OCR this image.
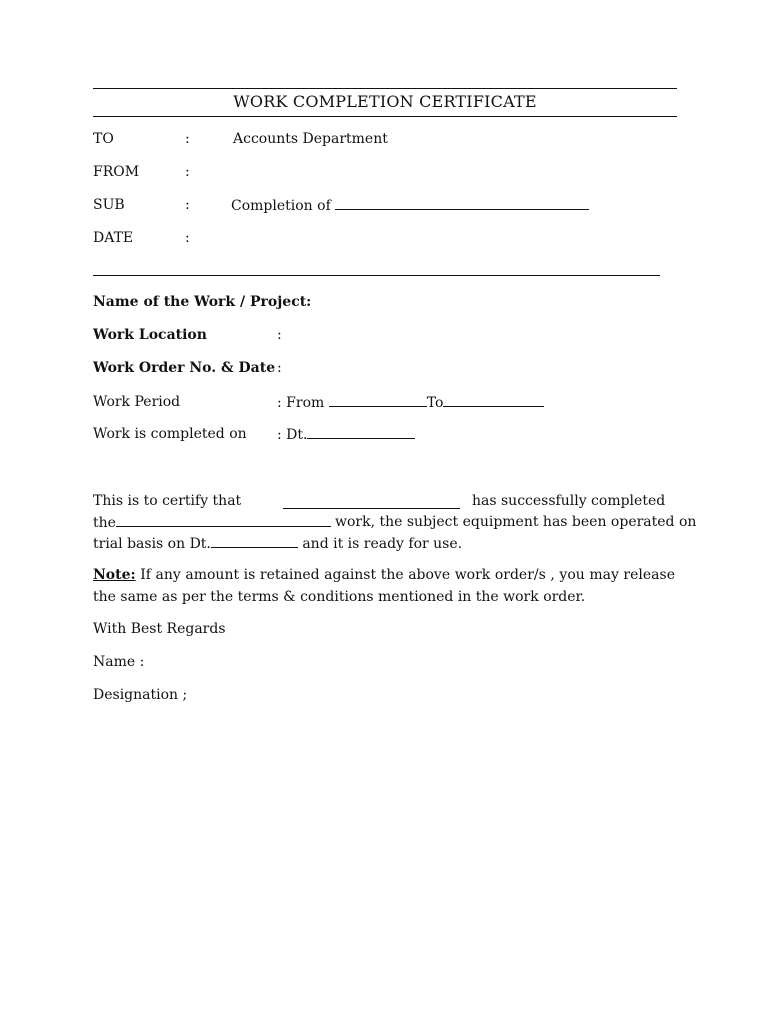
WORK COMPLETION CERTIFICATE
TO	:	Accounts Department
FROM	:
SUB	:	Completion of
DATE	:
Name of the Work / Project:
Work Location	:
Work Order No. & Date :
Work Period	: From	To
Work is completed on : Dt.
This is to certify that	has successfully completed
the	work, the subject equipment has been operated on
trial basis on Dt.	and it is ready for use.
Note: If any amount is retained against the above work order/s , you may release the same as per the terms & conditions mentioned in the work order.
With Best Regards
Name :
Designation ;
